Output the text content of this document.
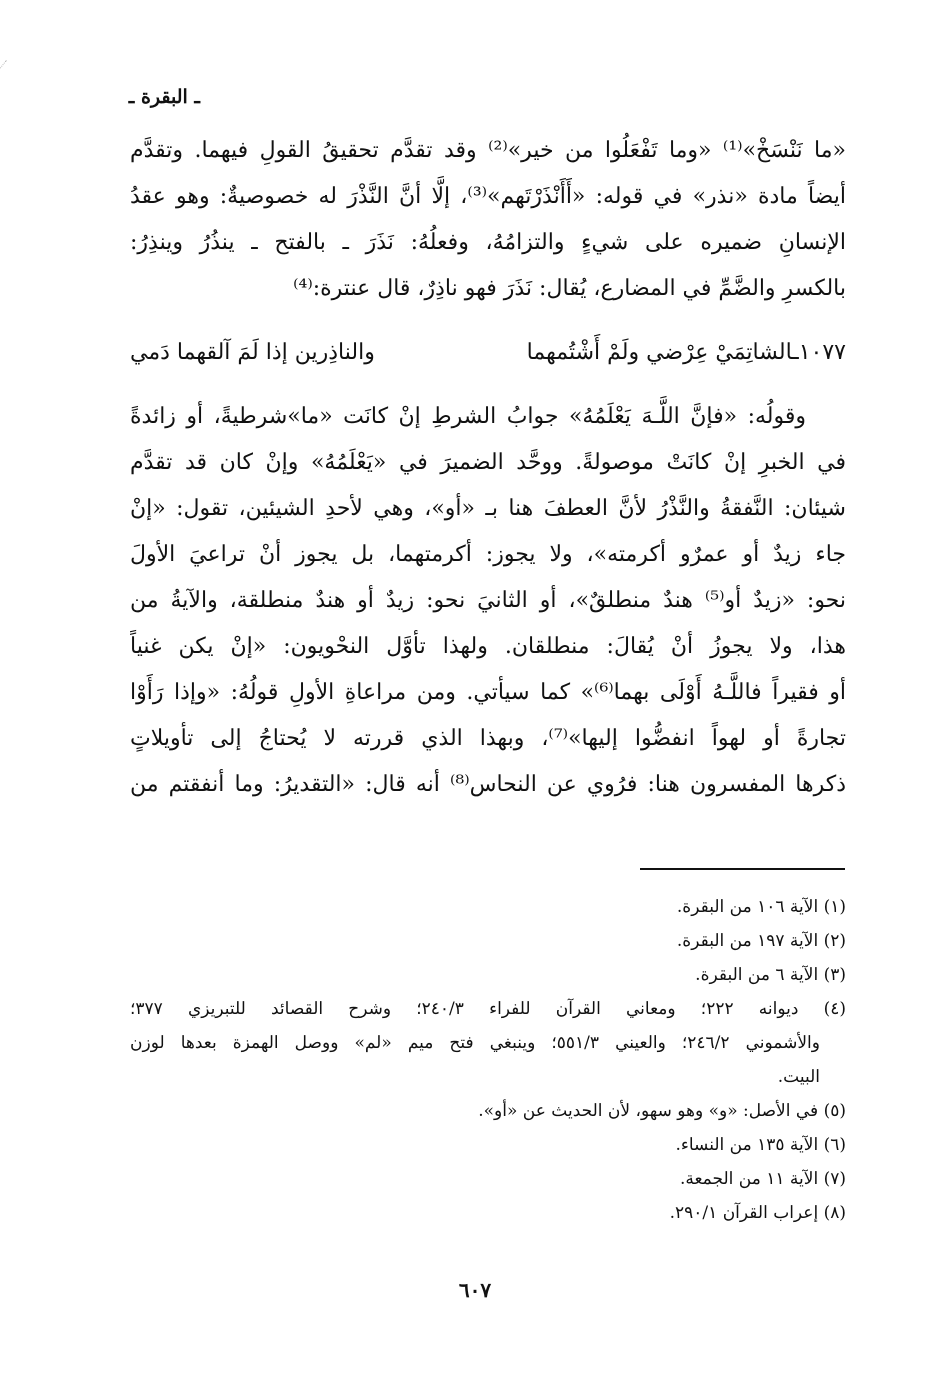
ـ البقرة ـ
«ما نَنْسَخْ»⁽¹⁾ «وما تَفْعَلُوا من خير»⁽²⁾ وقد تقدَّم تحقيقُ القولِ فيهما. وتقدَّم
أيضاً مادة «نذر» في قوله: «أَأَنْذَرْتَهم»⁽³⁾، إلَّا أنَّ النَّذْرَ له خصوصيةٌ: وهو عقدُ
الإنسانِ ضميره على شيءٍ والتزامُهُ، وفعلُهُ: نَذَرَ ـ بالفتح ـ ينذُرُ وينذِرُ:
بالكسرِ والضَّمِّ في المضارع، يُقال: نَذَرَ فهو ناذِرٌ، قال عنترة:⁽⁴⁾
١٠٧٧ـالشاتِمَيْ عِرْضي ولَمْ أَشْتُمهما
والناذِرين إذا لَمَ آلقهما دَمي
وقولُه: «فإنَّ اللَّـهَ يَعْلَمُهُ» جوابُ الشرطِ إنْ كانَت «ما»شرطيةً، أو زائدةً
في الخبرِ إنْ كانَتْ موصولةً. ووحَّد الضميرَ في «يَعْلَمُهُ» وإنْ كان قد تقدَّم
شيئان: النَّفقةُ والنَّذْرُ لأنَّ العطفَ هنا بـ «أو»، وهي لأحدِ الشيئين، تقول: «إنْ
جاء زيدٌ أو عمرٌو أكرمته»، ولا يجوز: أكرمتهما، بل يجوز أنْ تراعيَ الأولَ
نحو: «زيدٌ أو⁽⁵⁾ هندٌ منطلقٌ»، أو الثانيَ نحو: زيدٌ أو هندٌ منطلقة، والآيةُ من
هذا، ولا يجوزُ أنْ يُقالَ: منطلقان. ولهذا تأوَّل النحْويون: «إنْ يكن غنياً
أو فقيراً فاللَّـهُ أَوْلَى بهما⁽⁶⁾» كما سيأتي. ومن مراعاةِ الأولِ قولُهُ: «وإذا رَأَوْا
تجارةً أو لهواً انفضُّوا إليها»⁽⁷⁾، وبهذا الذي قررته لا يُحتاجُ إلى تأويلاتٍ
ذكرها المفسرون هنا: فرُوي عن النحاس⁽⁸⁾ أنه قال: «التقديرُ: وما أنفقتم من
(١) الآية ١٠٦ من البقرة.
(٢) الآية ١٩٧ من البقرة.
(٣) الآية ٦ من البقرة.
(٤) ديوانه ٢٢٢؛ ومعاني القرآن للفراء ٢٤٠/٣؛ وشرح القصائد للتبريزي ٣٧٧؛
والأشموني ٢٤٦/٢؛ والعيني ٥٥١/٣؛ وينبغي فتح ميم «لم» ووصل الهمزة بعدها لوزن
البيت.
(٥) في الأصل: «و» وهو سهو، لأن الحديث عن «أو».
(٦) الآية ١٣٥ من النساء.
(٧) الآية ١١ من الجمعة.
(٨) إعراب القرآن ٢٩٠/١.
٦٠٧
